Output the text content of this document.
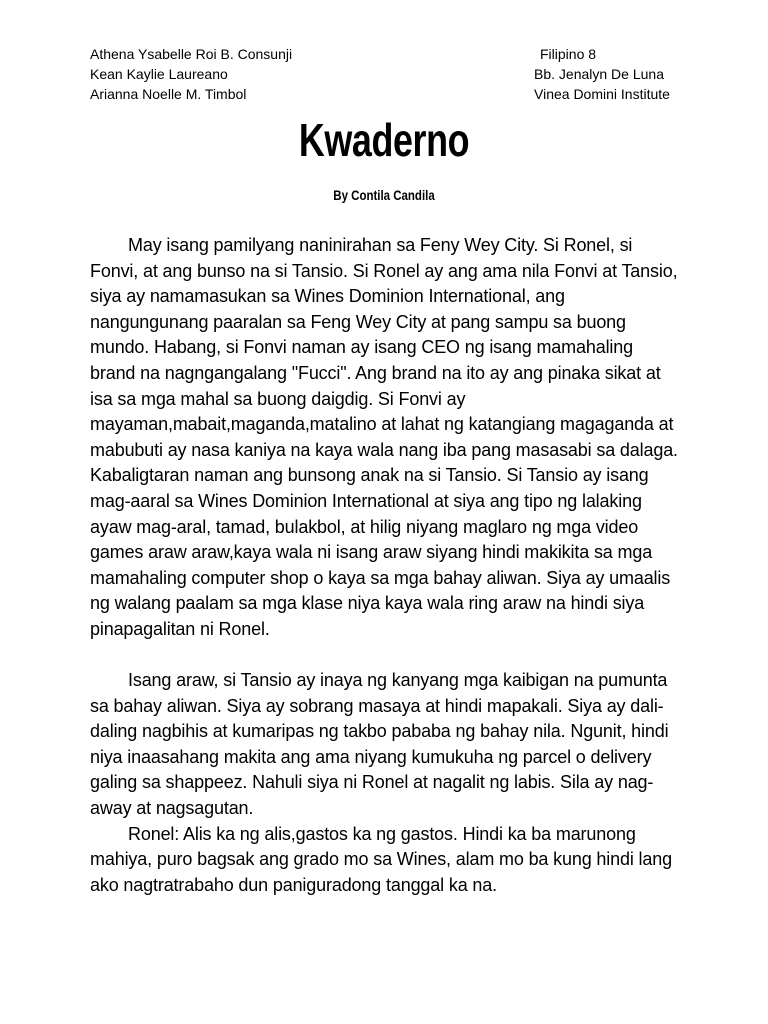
Athena Ysabelle Roi B. Consunji
Kean Kaylie Laureano
Arianna Noelle M. Timbol
Filipino 8
Bb. Jenalyn De Luna
Vinea Domini Institute
Kwaderno
By Contila Candila

May isang pamilyang naninirahan sa Feny Wey City. Si Ronel, si Fonvi, at ang bunso na si Tansio. Si Ronel ay ang ama nila Fonvi at Tansio, siya ay namamasukan sa Wines Dominion International, ang nangungunang paaralan sa Feng Wey City at pang sampu sa buong mundo. Habang, si Fonvi naman ay isang CEO ng isang mamahaling brand na nagngangalang "Fucci". Ang brand na ito ay ang pinaka sikat at isa sa mga mahal sa buong daigdig. Si Fonvi ay mayaman,mabait,maganda,matalino at lahat ng katangiang magaganda at mabubuti ay nasa kaniya na kaya wala nang iba pang masasabi sa dalaga. Kabaligtaran naman ang bunsong anak na si Tansio. Si Tansio ay isang mag-aaral sa Wines Dominion International at siya ang tipo ng lalaking ayaw mag-aral, tamad, bulakbol, at hilig niyang maglaro ng mga video games araw araw,kaya wala ni isang araw siyang hindi makikita sa mga mamahaling computer shop o kaya sa mga bahay aliwan. Siya ay umaalis ng walang paalam sa mga klase niya kaya wala ring araw na hindi siya pinapagalitan ni Ronel.

Isang araw, si Tansio ay inaya ng kanyang mga kaibigan na pumunta sa bahay aliwan. Siya ay sobrang masaya at hindi mapakali. Siya ay dali-daling nagbihis at kumaripas ng takbo pababa ng bahay nila. Ngunit, hindi niya inaasahang makita ang ama niyang kumukuha ng parcel o delivery galing sa shappeez. Nahuli siya ni Ronel at nagalit ng labis. Sila ay nag-away at nagsagutan.

Ronel: Alis ka ng alis,gastos ka ng gastos. Hindi ka ba marunong mahiya, puro bagsak ang grado mo sa Wines, alam mo ba kung hindi lang ako nagtratrabaho dun paniguradong tanggal ka na.
